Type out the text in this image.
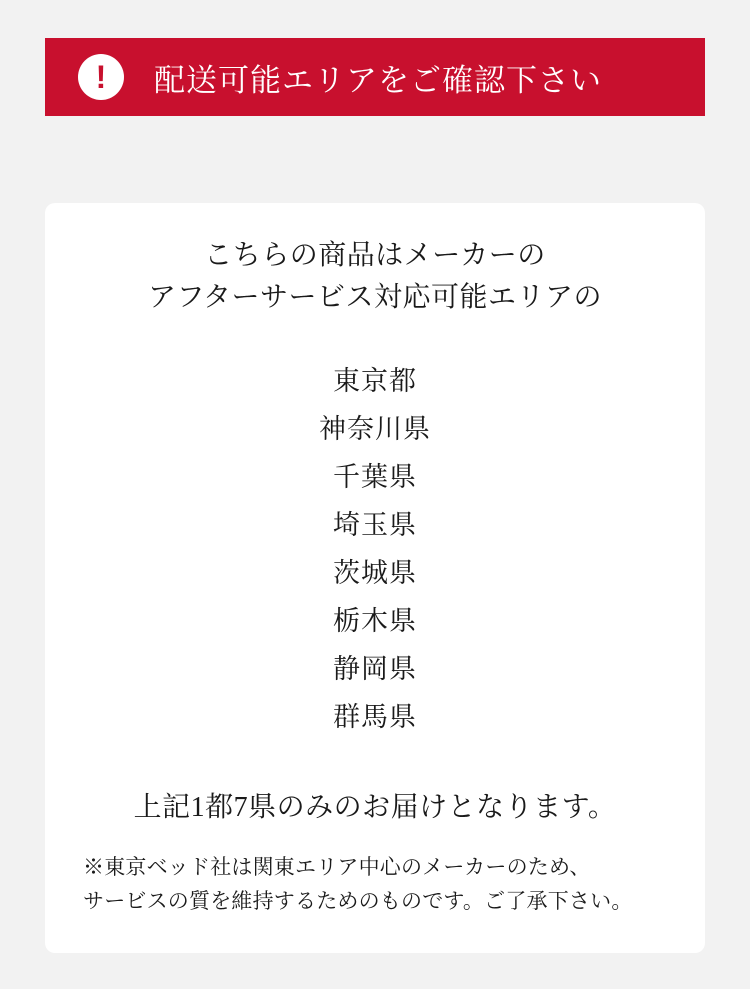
!	配送可能エリアをご確認下さい
こちらの商品はメーカーの
アフターサービス対応可能エリアの
東京都
神奈川県
千葉県
埼玉県
茨城県
栃木県
静岡県
群馬県
上記1都7県のみのお届けとなります。
※東京ベッド社は関東エリア中心のメーカーのため、
サービスの質を維持するためのものです。ご了承下さい。
